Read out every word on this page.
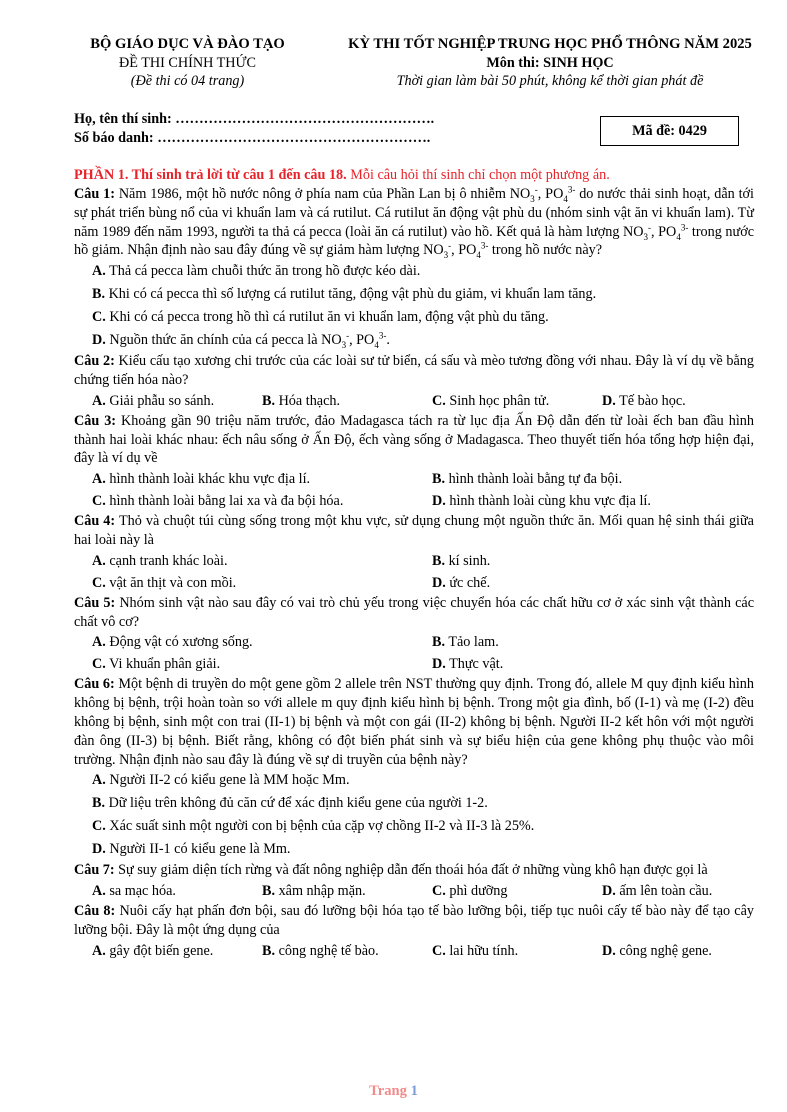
BỘ GIÁO DỤC VÀ ĐÀO TẠO
ĐỀ THI CHÍNH THỨC
(Đề thi có 04 trang)
KỲ THI TỐT NGHIỆP TRUNG HỌC PHỔ THÔNG NĂM 2025
Môn thi: SINH HỌC
Thời gian làm bài 50 phút, không kể thời gian phát đề
Họ, tên thí sinh: ……………………………………………….
Số báo danh: ………………………………………………….	Mã đề: 0429

PHẦN 1. Thí sinh trả lời từ câu 1 đến câu 18. Mỗi câu hỏi thí sinh chỉ chọn một phương án.

Câu 1: Năm 1986, một hồ nước nông ở phía nam của Phần Lan bị ô nhiễm $NO_3^-$, $PO_4^{3-}$ do nước thải sinh hoạt, dẫn tới sự phát triển bùng nổ của vi khuẩn lam và cá rutilut. Cá rutilut ăn động vật phù du (nhóm sinh vật ăn vi khuẩn lam). Từ năm 1989 đến năm 1993, người ta thả cá pecca (loài ăn cá rutilut) vào hồ. Kết quả là hàm lượng $NO_3^-$, $PO_4^{3-}$ trong nước hồ giảm. Nhận định nào sau đây đúng về sự giảm hàm lượng $NO_3^-$, $PO_4^{3-}$ trong hồ nước này?

A. Thả cá pecca làm chuỗi thức ăn trong hồ được kéo dài.

B. Khi có cá pecca thì số lượng cá rutilut tăng, động vật phù du giảm, vi khuẩn lam tăng.

C. Khi có cá pecca trong hồ thì cá rutilut ăn vi khuẩn lam, động vật phù du tăng.

D. Nguồn thức ăn chính của cá pecca là $NO_3^-$, $PO_4^{3-}$.

Câu 2: Kiểu cấu tạo xương chi trước của các loài sư tử biển, cá sấu và mèo tương đồng với nhau. Đây là ví dụ về bằng chứng tiến hóa nào?

A. Giải phẫu so sánh.	B. Hóa thạch.	C. Sinh học phân tử.	D. Tế bào học.

Câu 3: Khoảng gần 90 triệu năm trước, đảo Madagasca tách ra từ lục địa Ấn Độ dẫn đến từ loài ếch ban đầu hình thành hai loài khác nhau: ếch nâu sống ở Ấn Độ, ếch vàng sống ở Madagasca. Theo thuyết tiến hóa tổng hợp hiện đại, đây là ví dụ về

A. hình thành loài khác khu vực địa lí.	B. hình thành loài bằng tự đa bội.
C. hình thành loài bằng lai xa và đa bội hóa.	D. hình thành loài cùng khu vực địa lí.

Câu 4: Thỏ và chuột túi cùng sống trong một khu vực, sử dụng chung một nguồn thức ăn. Mối quan hệ sinh thái giữa hai loài này là

A. cạnh tranh khác loài.	B. kí sinh.
C. vật ăn thịt và con mồi.	D. ức chế.

Câu 5: Nhóm sinh vật nào sau đây có vai trò chủ yếu trong việc chuyển hóa các chất hữu cơ ở xác sinh vật thành các chất vô cơ?

A. Động vật có xương sống.	B. Tảo lam.
C. Vi khuẩn phân giải.	D. Thực vật.

Câu 6: Một bệnh di truyền do một gene gồm 2 allele trên NST thường quy định. Trong đó, allele M quy định kiểu hình không bị bệnh, trội hoàn toàn so với allele m quy định kiểu hình bị bệnh. Trong một gia đình, bố (I-1) và mẹ (I-2) đều không bị bệnh, sinh một con trai (II-1) bị bệnh và một con gái (II-2) không bị bệnh. Người II-2 kết hôn với một người đàn ông (II-3) bị bệnh. Biết rằng, không có đột biến phát sinh và sự biểu hiện của gene không phụ thuộc vào môi trường. Nhận định nào sau đây là đúng về sự di truyền của bệnh này?

A. Người II-2 có kiểu gene là MM hoặc Mm.

B. Dữ liệu trên không đủ căn cứ để xác định kiểu gene của người 1-2.

C. Xác suất sinh một người con bị bệnh của cặp vợ chồng II-2 và II-3 là 25%.

D. Người II-1 có kiểu gene là Mm.

Câu 7: Sự suy giảm diện tích rừng và đất nông nghiệp dẫn đến thoái hóa đất ở những vùng khô hạn được gọi là

A. sa mạc hóa.	B. xâm nhập mặn.	C. phì dưỡng	D. ấm lên toàn cầu.

Câu 8: Nuôi cấy hạt phấn đơn bội, sau đó lưỡng bội hóa tạo tế bào lưỡng bội, tiếp tục nuôi cấy tế bào này để tạo cây lưỡng bội. Đây là một ứng dụng của

A. gây đột biến gene.	B. công nghệ tế bào.	C. lai hữu tính.	D. công nghệ gene.
Trang 1
